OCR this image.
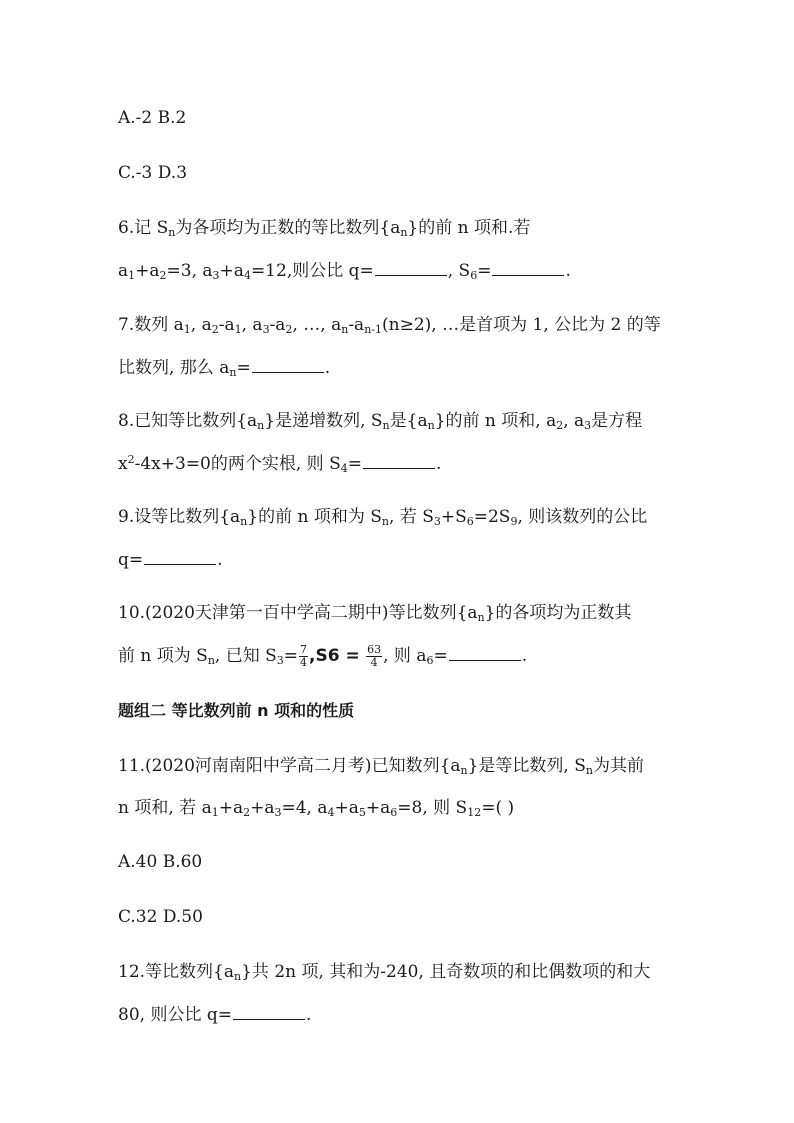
A.-2 B.2
C.-3 D.3
6.记 $S_n$为各项均为正数的等比数列$\{a_n\}$的前 n 项和.若
$a_1+a_2=3$, $a_3+a_4=12$,则公比 q=	, $S_6=$	.
7.数列 $a_1$, $a_2-a_1$, $a_3-a_2$, …, $a_n-a_{n-1}(n\ge 2)$, …是首项为 1, 公比为 2 的等
比数列, 那么 $a_n=$	.
8.已知等比数列$\{a_n\}$是递增数列, $S_n$是$\{a_n\}$的前 n 项和, $a_2$, $a_3$是方程
$x^2-4x+3=0$的两个实根, 则 $S_4=$	.
9.设等比数列$\{a_n\}$的前 n 项和为 $S_n$, 若 $S_3+S_6=2S_9$, 则该数列的公比
q=	.
10.(2020天津第一百中学高二期中)等比数列$\{a_n\}$的各项均为正数其
前 n 项为 $S_n$, 已知 $S_3= \frac{7}{4} ,S6 = \frac{63}{4}$ , 则 $a_6=$	.
题组二 等比数列前 n 项和的性质
11.(2020河南南阳中学高二月考)已知数列$\{a_n\}$是等比数列, $S_n$为其前
n 项和, 若 $a_1+a_2+a_3=4$, $a_4+a_5+a_6=8$, 则 $S_{12}=$( )
A.40 B.60
C.32 D.50
12.等比数列$\{a_n\}$共 2n 项, 其和为-240, 且奇数项的和比偶数项的和大
80, 则公比 q=	.
